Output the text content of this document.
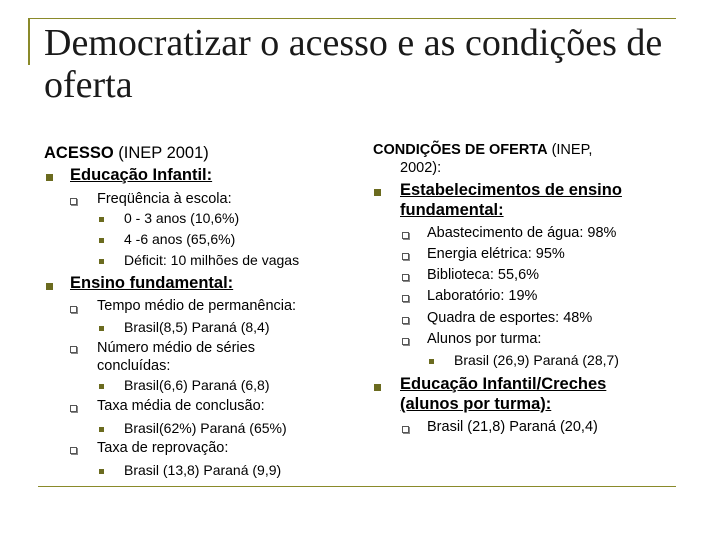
Democratizar o acesso e as condições de oferta
ACESSO (INEP 2001)
Educação Infantil:
Freqüência à escola:
0 - 3 anos (10,6%)
4 -6 anos (65,6%)
Déficit: 10 milhões de vagas
Ensino fundamental:
Tempo médio de permanência:
Brasil(8,5) Paraná (8,4)
Número médio de séries
concluídas:
Brasil(6,6) Paraná (6,8)
Taxa média de conclusão:
Brasil(62%) Paraná (65%)
Taxa de reprovação:
Brasil (13,8) Paraná (9,9)
CONDIÇÕES DE OFERTA (INEP,
2002):
Estabelecimentos de ensino
fundamental:
Abastecimento de água: 98%
Energia elétrica: 95%
Biblioteca: 55,6%
Laboratório: 19%
Quadra de esportes: 48%
Alunos por turma:
Brasil (26,9) Paraná (28,7)
Educação Infantil/Creches
(alunos por turma):
Brasil (21,8) Paraná (20,4)
